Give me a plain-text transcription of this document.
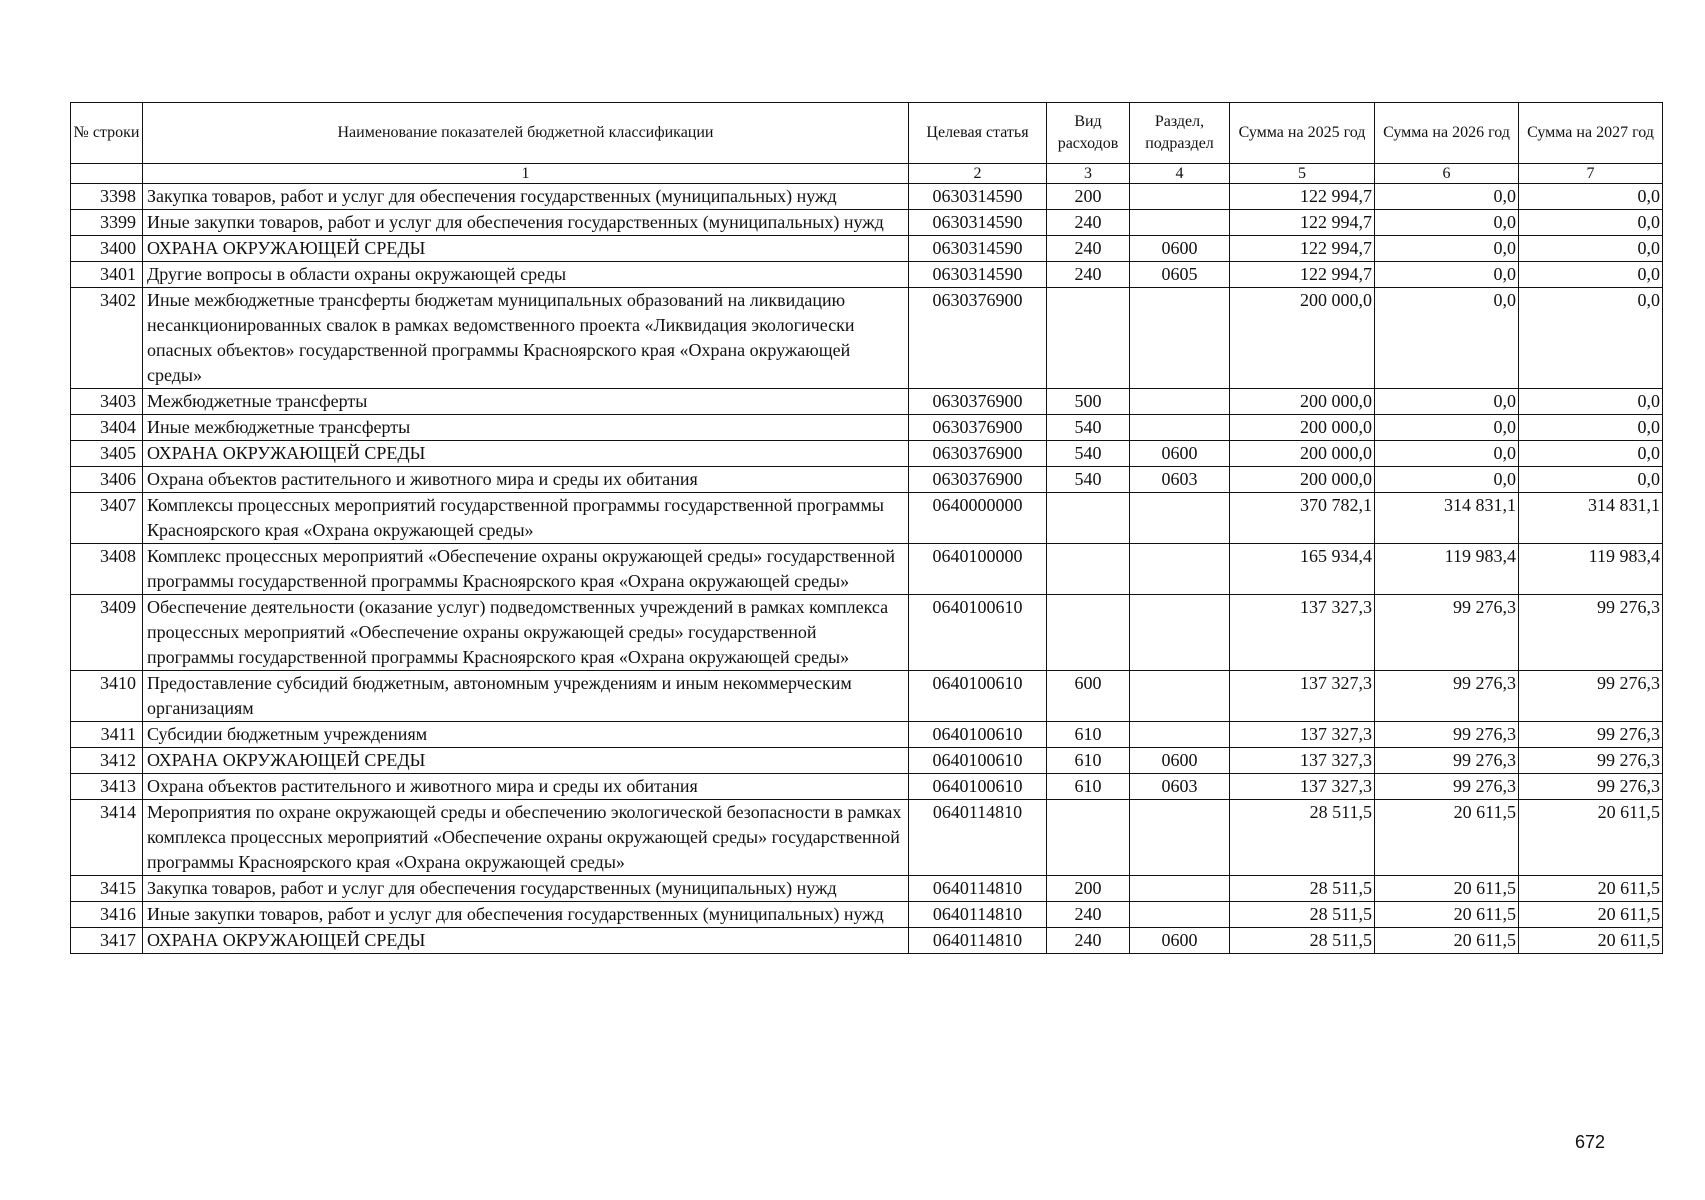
№ строки	Наименование показателей бюджетной классификации	Целевая статья	Вид расходов	Раздел, подраздел	Сумма на 2025 год	Сумма на 2026 год	Сумма на 2027 год
	1	2	3	4	5	6	7
3398	Закупка товаров, работ и услуг для обеспечения государственных (муниципальных) нужд	0630314590	200		122 994,7	0,0	0,0
3399	Иные закупки товаров, работ и услуг для обеспечения государственных (муниципальных) нужд	0630314590	240		122 994,7	0,0	0,0
3400	ОХРАНА ОКРУЖАЮЩЕЙ СРЕДЫ	0630314590	240	0600	122 994,7	0,0	0,0
3401	Другие вопросы в области охраны окружающей среды	0630314590	240	0605	122 994,7	0,0	0,0
3402	Иные межбюджетные трансферты бюджетам муниципальных образований на ликвидацию несанкционированных свалок в рамках ведомственного проекта «Ликвидация экологически опасных объектов» государственной программы Красноярского края «Охрана окружающей среды»	0630376900			200 000,0	0,0	0,0
3403	Межбюджетные трансферты	0630376900	500		200 000,0	0,0	0,0
3404	Иные межбюджетные трансферты	0630376900	540		200 000,0	0,0	0,0
3405	ОХРАНА ОКРУЖАЮЩЕЙ СРЕДЫ	0630376900	540	0600	200 000,0	0,0	0,0
3406	Охрана объектов растительного и животного мира и среды их обитания	0630376900	540	0603	200 000,0	0,0	0,0
3407	Комплексы процессных мероприятий государственной программы государственной программы Красноярского края «Охрана окружающей среды»	0640000000			370 782,1	314 831,1	314 831,1
3408	Комплекс процессных мероприятий «Обеспечение охраны окружающей среды» государственной программы государственной программы Красноярского края «Охрана окружающей среды»	0640100000			165 934,4	119 983,4	119 983,4
3409	Обеспечение деятельности (оказание услуг) подведомственных учреждений в рамках комплекса процессных мероприятий «Обеспечение охраны окружающей среды» государственной программы государственной программы Красноярского края «Охрана окружающей среды»	0640100610			137 327,3	99 276,3	99 276,3
3410	Предоставление субсидий бюджетным, автономным учреждениям и иным некоммерческим организациям	0640100610	600		137 327,3	99 276,3	99 276,3
3411	Субсидии бюджетным учреждениям	0640100610	610		137 327,3	99 276,3	99 276,3
3412	ОХРАНА ОКРУЖАЮЩЕЙ СРЕДЫ	0640100610	610	0600	137 327,3	99 276,3	99 276,3
3413	Охрана объектов растительного и животного мира и среды их обитания	0640100610	610	0603	137 327,3	99 276,3	99 276,3
3414	Мероприятия по охране окружающей среды и обеспечению экологической безопасности в рамках комплекса процессных мероприятий «Обеспечение охраны окружающей среды» государственной программы Красноярского края «Охрана окружающей среды»	0640114810			28 511,5	20 611,5	20 611,5
3415	Закупка товаров, работ и услуг для обеспечения государственных (муниципальных) нужд	0640114810	200		28 511,5	20 611,5	20 611,5
3416	Иные закупки товаров, работ и услуг для обеспечения государственных (муниципальных) нужд	0640114810	240		28 511,5	20 611,5	20 611,5
3417	ОХРАНА ОКРУЖАЮЩЕЙ СРЕДЫ	0640114810	240	0600	28 511,5	20 611,5	20 611,5
672
